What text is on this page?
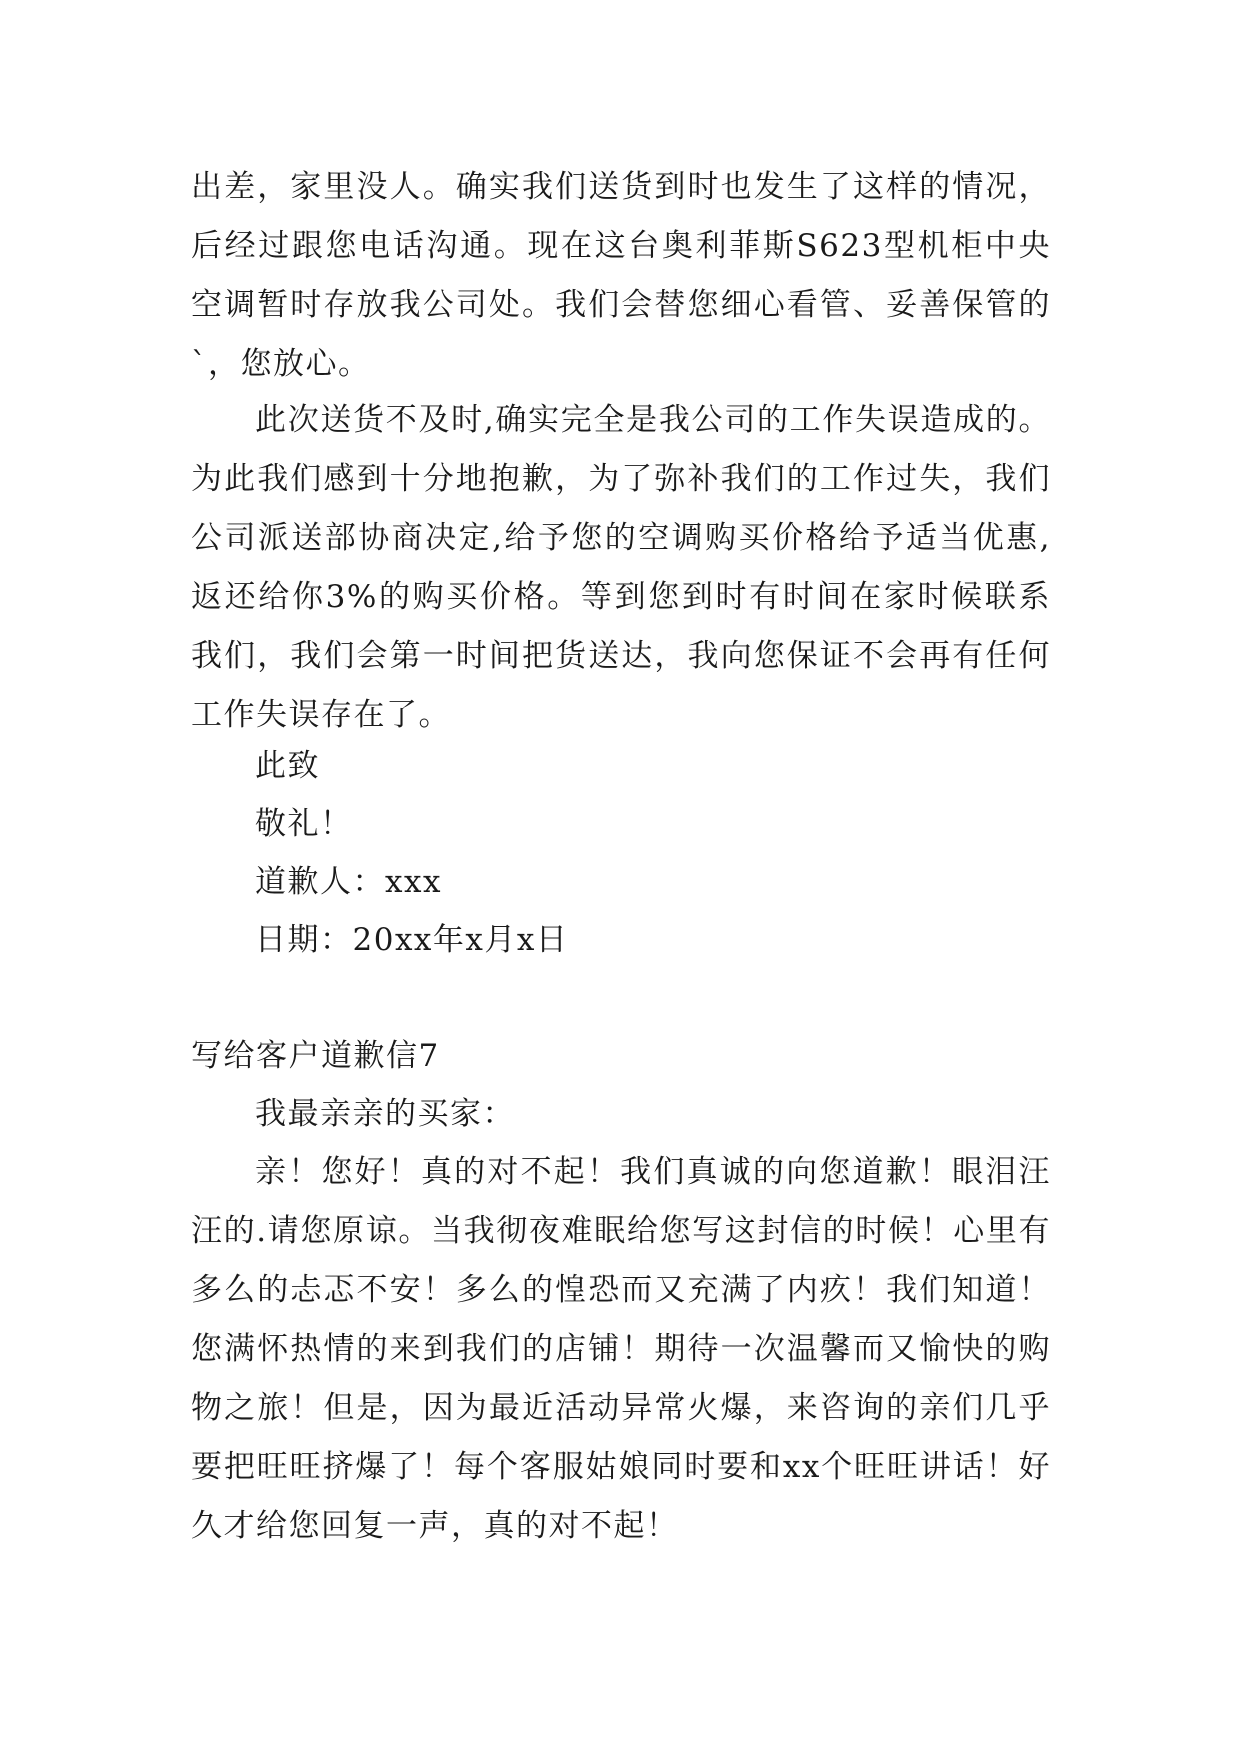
出差，家里没人。确实我们送货到时也发生了这样的情况，后经过跟您电话沟通。现在这台奥利菲斯S623型机柜中央空调暂时存放我公司处。我们会替您细心看管、妥善保管的`，您放心。
此次送货不及时,确实完全是我公司的工作失误造成的。为此我们感到十分地抱歉，为了弥补我们的工作过失，我们公司派送部协商决定,给予您的空调购买价格给予适当优惠,返还给你3%的购买价格。等到您到时有时间在家时候联系我们，我们会第一时间把货送达，我向您保证不会再有任何工作失误存在了。
此致
敬礼！
道歉人：xxx
日期：20xx年x月x日
写给客户道歉信7
我最亲亲的买家：
亲！您好！真的对不起！我们真诚的向您道歉！眼泪汪汪的.请您原谅。当我彻夜难眠给您写这封信的时候！心里有多么的忐忑不安！多么的惶恐而又充满了内疚！我们知道！您满怀热情的来到我们的店铺！期待一次温馨而又愉快的购物之旅！但是，因为最近活动异常火爆，来咨询的亲们几乎要把旺旺挤爆了！每个客服姑娘同时要和xx个旺旺讲话！好久才给您回复一声，真的对不起！
